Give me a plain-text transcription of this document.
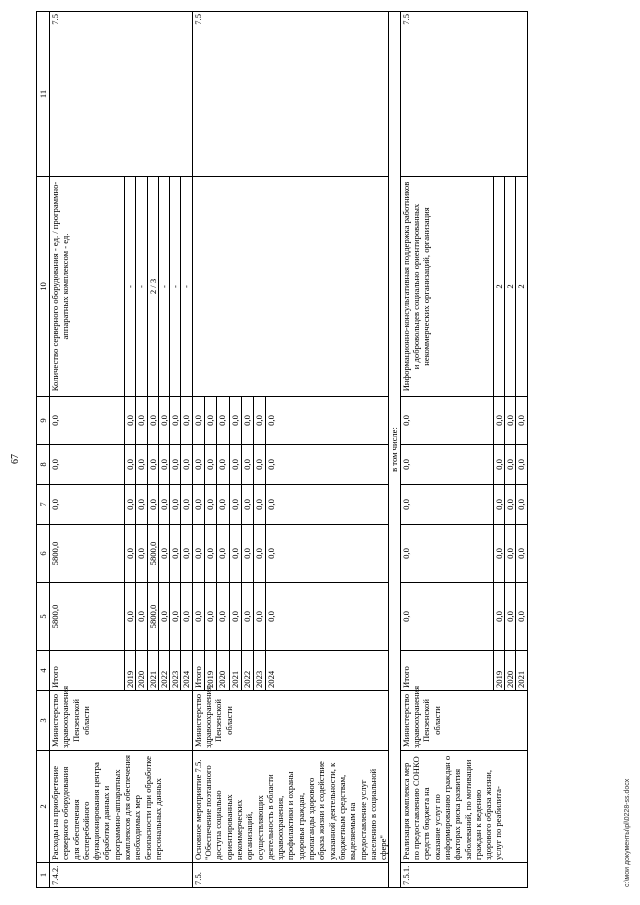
67
1	2	3	4	5	6	7	8	9	10	11
7.4.2.	Расходы на приобретение серверного оборудования для обеспечения бесперебойного функционирования центра обработки данных и программно-аппаратных комплексов для обеспечения необходимых мер безопасности при обработке персональных данных	Министерство здравоохранения Пензенской области	Итого	5800,0	5800,0	0,0	0,0	0,0	Количество серверного оборудования - ед. / программно-аппаратных комплексом - ед.	7.5
			2019	0,0	0,0	0,0	0,0	0,0	-	
			2020	0,0	0,0	0,0	0,0	0,0	-	
			2021	5800,0	5800,0	0,0	0,0	0,0	2 / 3	
			2022	0,0	0,0	0,0	0,0	0,0	-	
			2023	0,0	0,0	0,0	0,0	0,0	-	
			2024	0,0	0,0	0,0	0,0	0,0	-	
7.5.	Основное мероприятие 7.5. "Обеспечение поэтапного доступа социально ориентированных некоммерческих организаций, осуществляющих деятельность в области здравоохранения, профилактики и охраны здоровья граждан, пропаганды здорового образа жизни и содействие указанной деятельности, к бюджетным средствам, выделяемым на предоставление услуг населению в социальной сфере"	Министерство здравоохранения Пензенской области	Итого	0,0	0,0	0,0	0,0	0,0		7.5
			2019	0,0	0,0	0,0	0,0	0,0		
			2020	0,0	0,0	0,0	0,0	0,0		
			2021	0,0	0,0	0,0	0,0	0,0		
			2022	0,0	0,0	0,0	0,0	0,0		
			2023	0,0	0,0	0,0	0,0	0,0		
			2024	0,0	0,0	0,0	0,0	0,0		
в том числе:										
7.5.1.	Реализация комплекса мер по предоставлению СОНКО средств бюджета на оказание услуг по информированию граждан о факторах риска развития заболеваний, по мотивации граждан к ведению здорового образа жизни, услуг по реабилита-	Министерство здравоохранения Пензенской области	Итого	0,0	0,0	0,0	0,0	0,0	Информационно-консультативная поддержка работников и добровольцев социально ориентированных некоммерческих организаций, организация	7.5
			2019	0,0	0,0	0,0	0,0	0,0	2	
			2020	0,0	0,0	0,0	0,0	0,0	2	
			2021	0,0	0,0	0,0	0,0	0,0	2	
c:\мои документы\pl\0228-ss.docx
